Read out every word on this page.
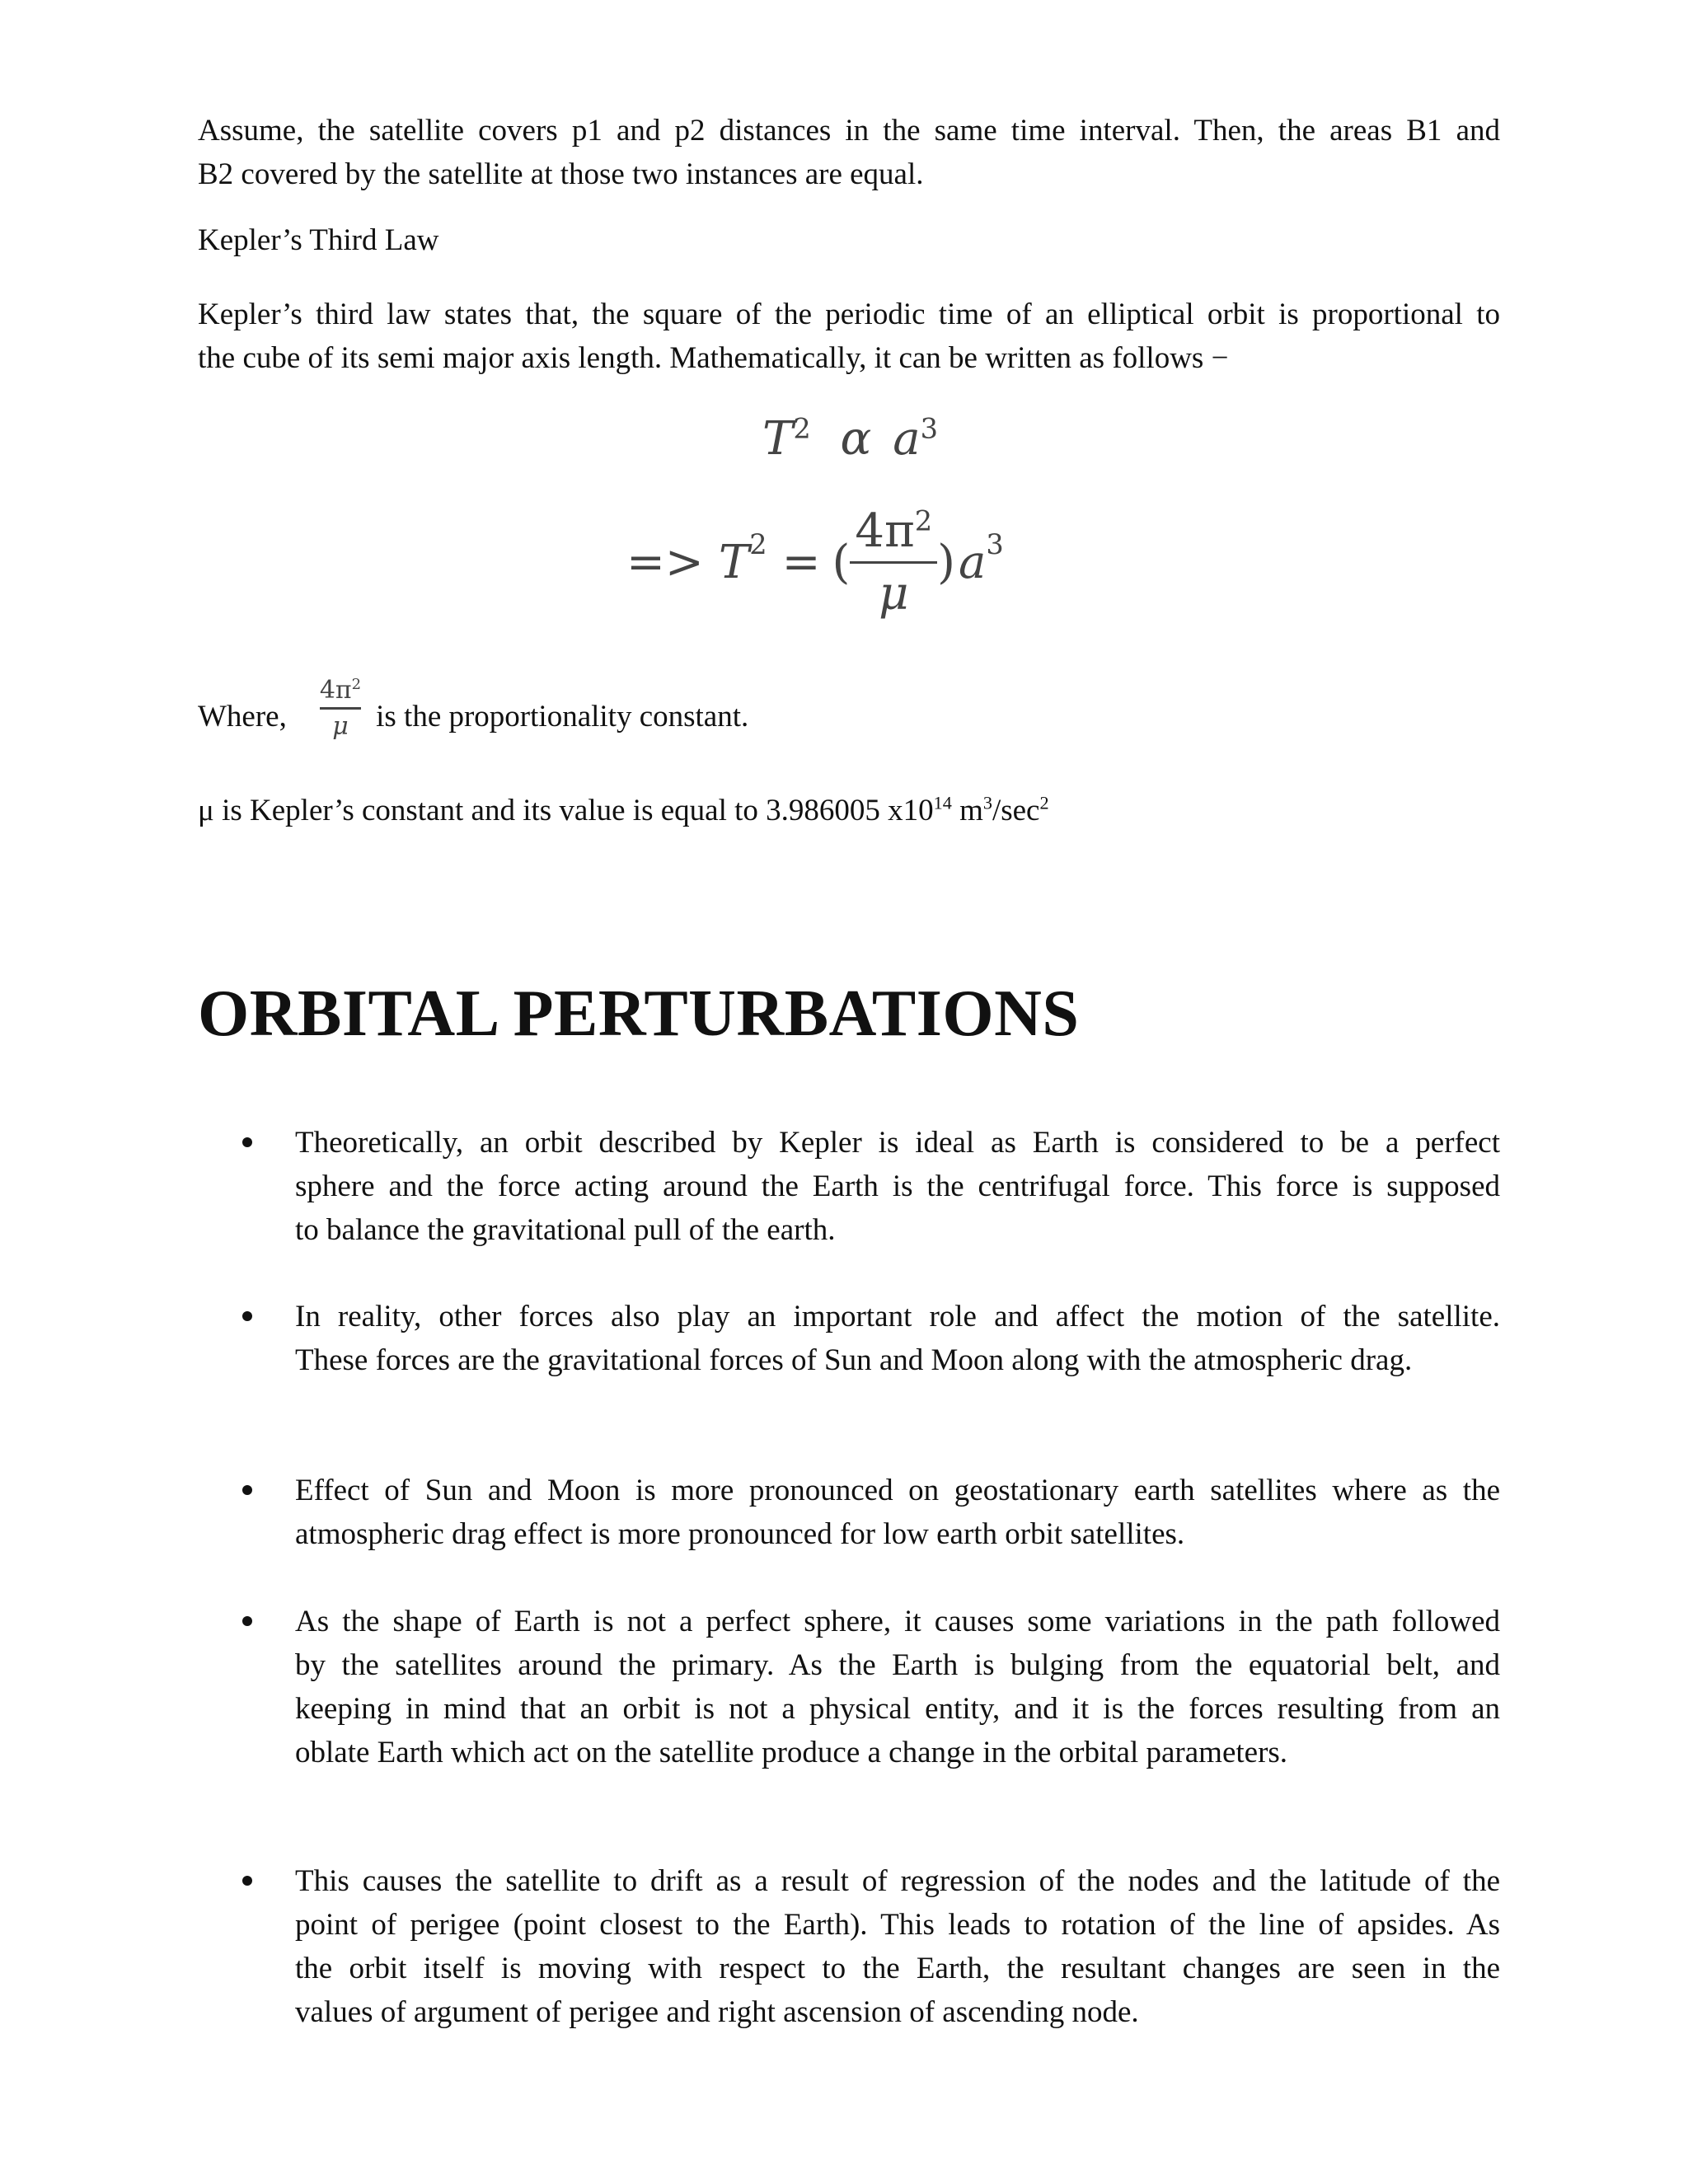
Assume, the satellite covers p1 and p2 distances in the same time interval. Then, the areas B1 and
B2 covered by the satellite at those two instances are equal.

Kepler’s Third Law

Kepler’s third law states that, the square of the periodic time of an elliptical orbit is proportional to
the cube of its semi major axis length. Mathematically, it can be written as follows −

$T^2$ α $a^3$
=> $T^2$ = ( $\frac{4\pi^2}{\mu}$ ) $a^3$
Where, $\frac{4\pi^2}{\mu}$ is the proportionality constant.

μ is Kepler’s constant and its value is equal to 3.986005 $x10^{14}$ $m^3/\sec^2$

ORBITAL PERTURBATIONS

Theoretically, an orbit described by Kepler is ideal as Earth is considered to be a perfect
sphere and the force acting around the Earth is the centrifugal force. This force is supposed
to balance the gravitational pull of the earth.

In reality, other forces also play an important role and affect the motion of the satellite.
These forces are the gravitational forces of Sun and Moon along with the atmospheric drag.

Effect of Sun and Moon is more pronounced on geostationary earth satellites where as the
atmospheric drag effect is more pronounced for low earth orbit satellites.

As the shape of Earth is not a perfect sphere, it causes some variations in the path followed
by the satellites around the primary. As the Earth is bulging from the equatorial belt, and
keeping in mind that an orbit is not a physical entity, and it is the forces resulting from an
oblate Earth which act on the satellite produce a change in the orbital parameters.

This causes the satellite to drift as a result of regression of the nodes and the latitude of the
point of perigee (point closest to the Earth). This leads to rotation of the line of apsides. As
the orbit itself is moving with respect to the Earth, the resultant changes are seen in the
values of argument of perigee and right ascension of ascending node.
